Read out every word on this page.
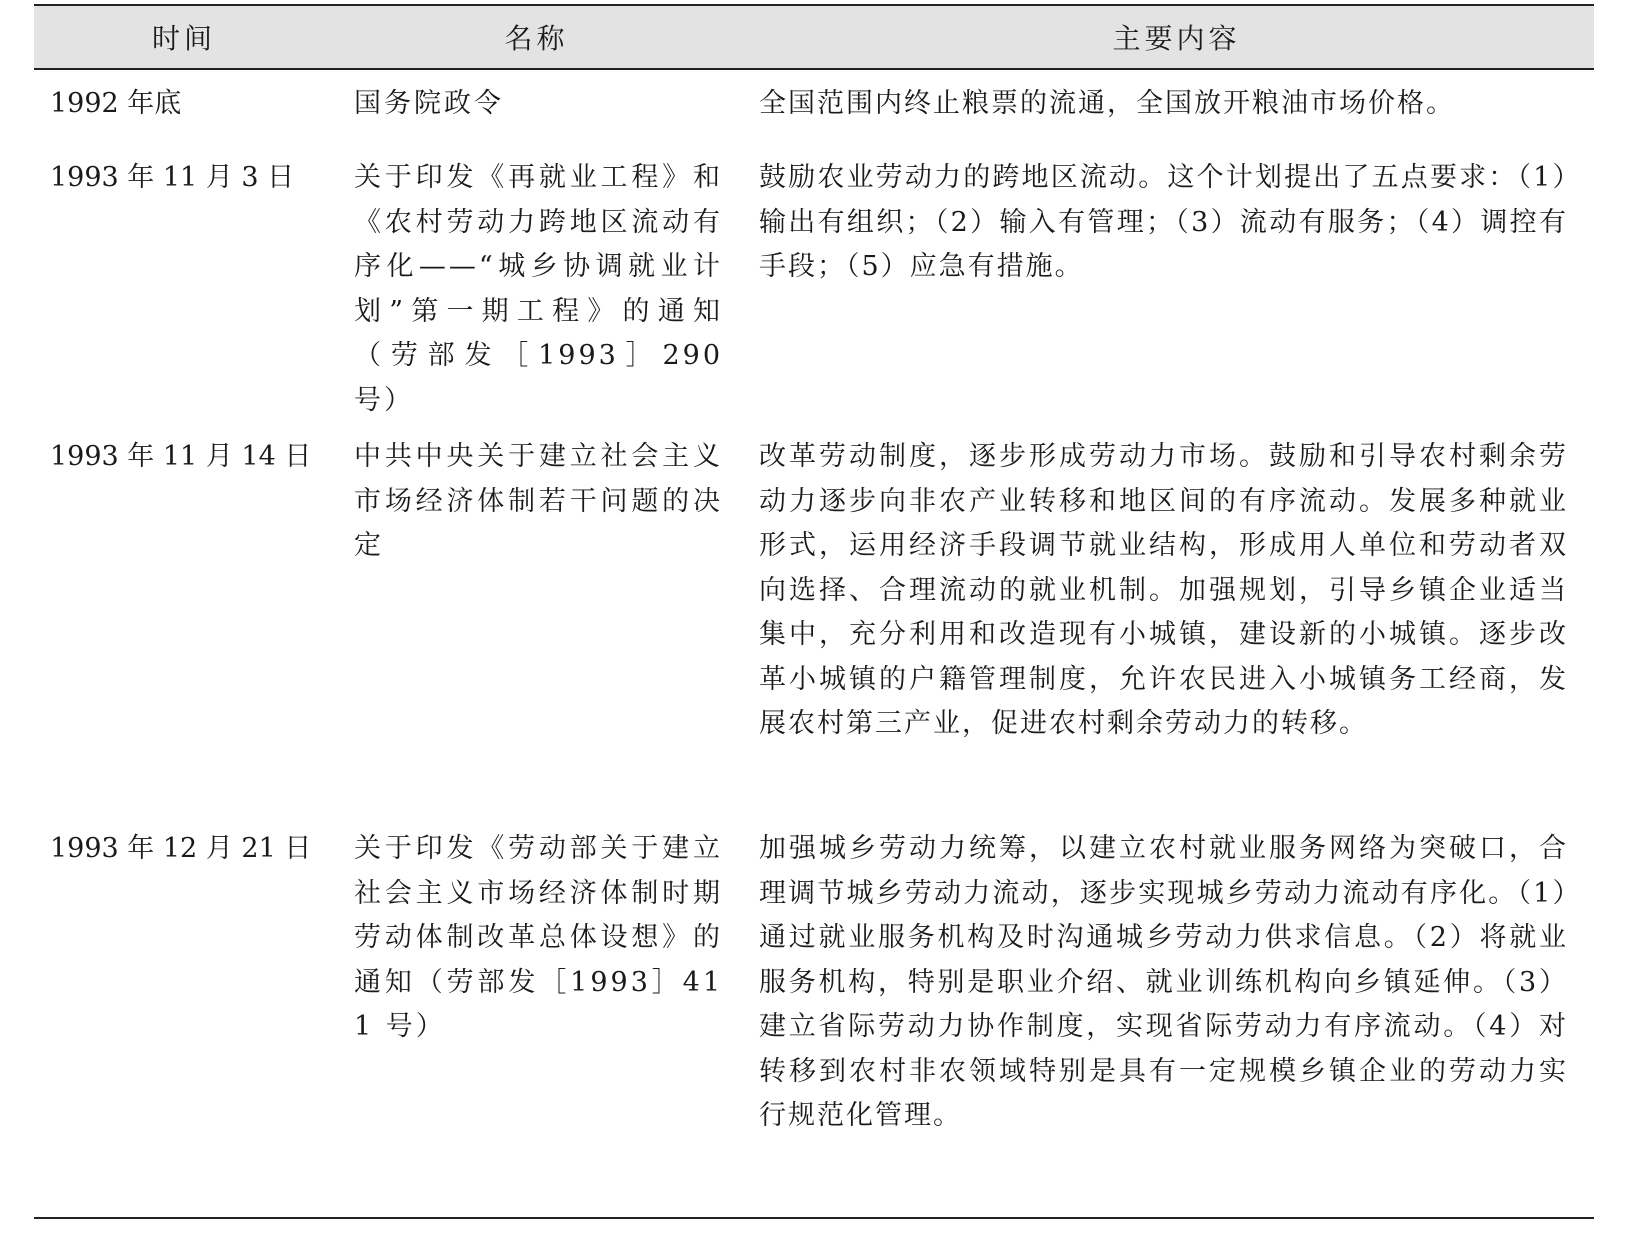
时间	名称	主要内容
1992 年底	国务院政令	全国范围内终止粮票的流通，全国放开粮油市场价格。
1993 年 11 月 3 日	关于印发《再就业工程》和《农村劳动力跨地区流动有序化——“城乡协调就业计划”第一期工程》的通知（劳部发［1993］290 号）	鼓励农业劳动力的跨地区流动。这个计划提出了五点要求：（1）输出有组织；（2）输入有管理；（3）流动有服务；（4）调控有手段；（5）应急有措施。
1993 年 11 月 14 日	中共中央关于建立社会主义市场经济体制若干问题的决定	改革劳动制度，逐步形成劳动力市场。鼓励和引导农村剩余劳动力逐步向非农产业转移和地区间的有序流动。发展多种就业形式，运用经济手段调节就业结构，形成用人单位和劳动者双向选择、合理流动的就业机制。加强规划，引导乡镇企业适当集中，充分利用和改造现有小城镇，建设新的小城镇。逐步改革小城镇的户籍管理制度，允许农民进入小城镇务工经商，发展农村第三产业，促进农村剩余劳动力的转移。
1993 年 12 月 21 日	关于印发《劳动部关于建立社会主义市场经济体制时期劳动体制改革总体设想》的通知（劳部发［1993］411 号）	加强城乡劳动力统筹，以建立农村就业服务网络为突破口，合理调节城乡劳动力流动，逐步实现城乡劳动力流动有序化。（1）通过就业服务机构及时沟通城乡劳动力供求信息。（2）将就业服务机构，特别是职业介绍、就业训练机构向乡镇延伸。（3）建立省际劳动力协作制度，实现省际劳动力有序流动。（4）对转移到农村非农领域特别是具有一定规模乡镇企业的劳动力实行规范化管理。
